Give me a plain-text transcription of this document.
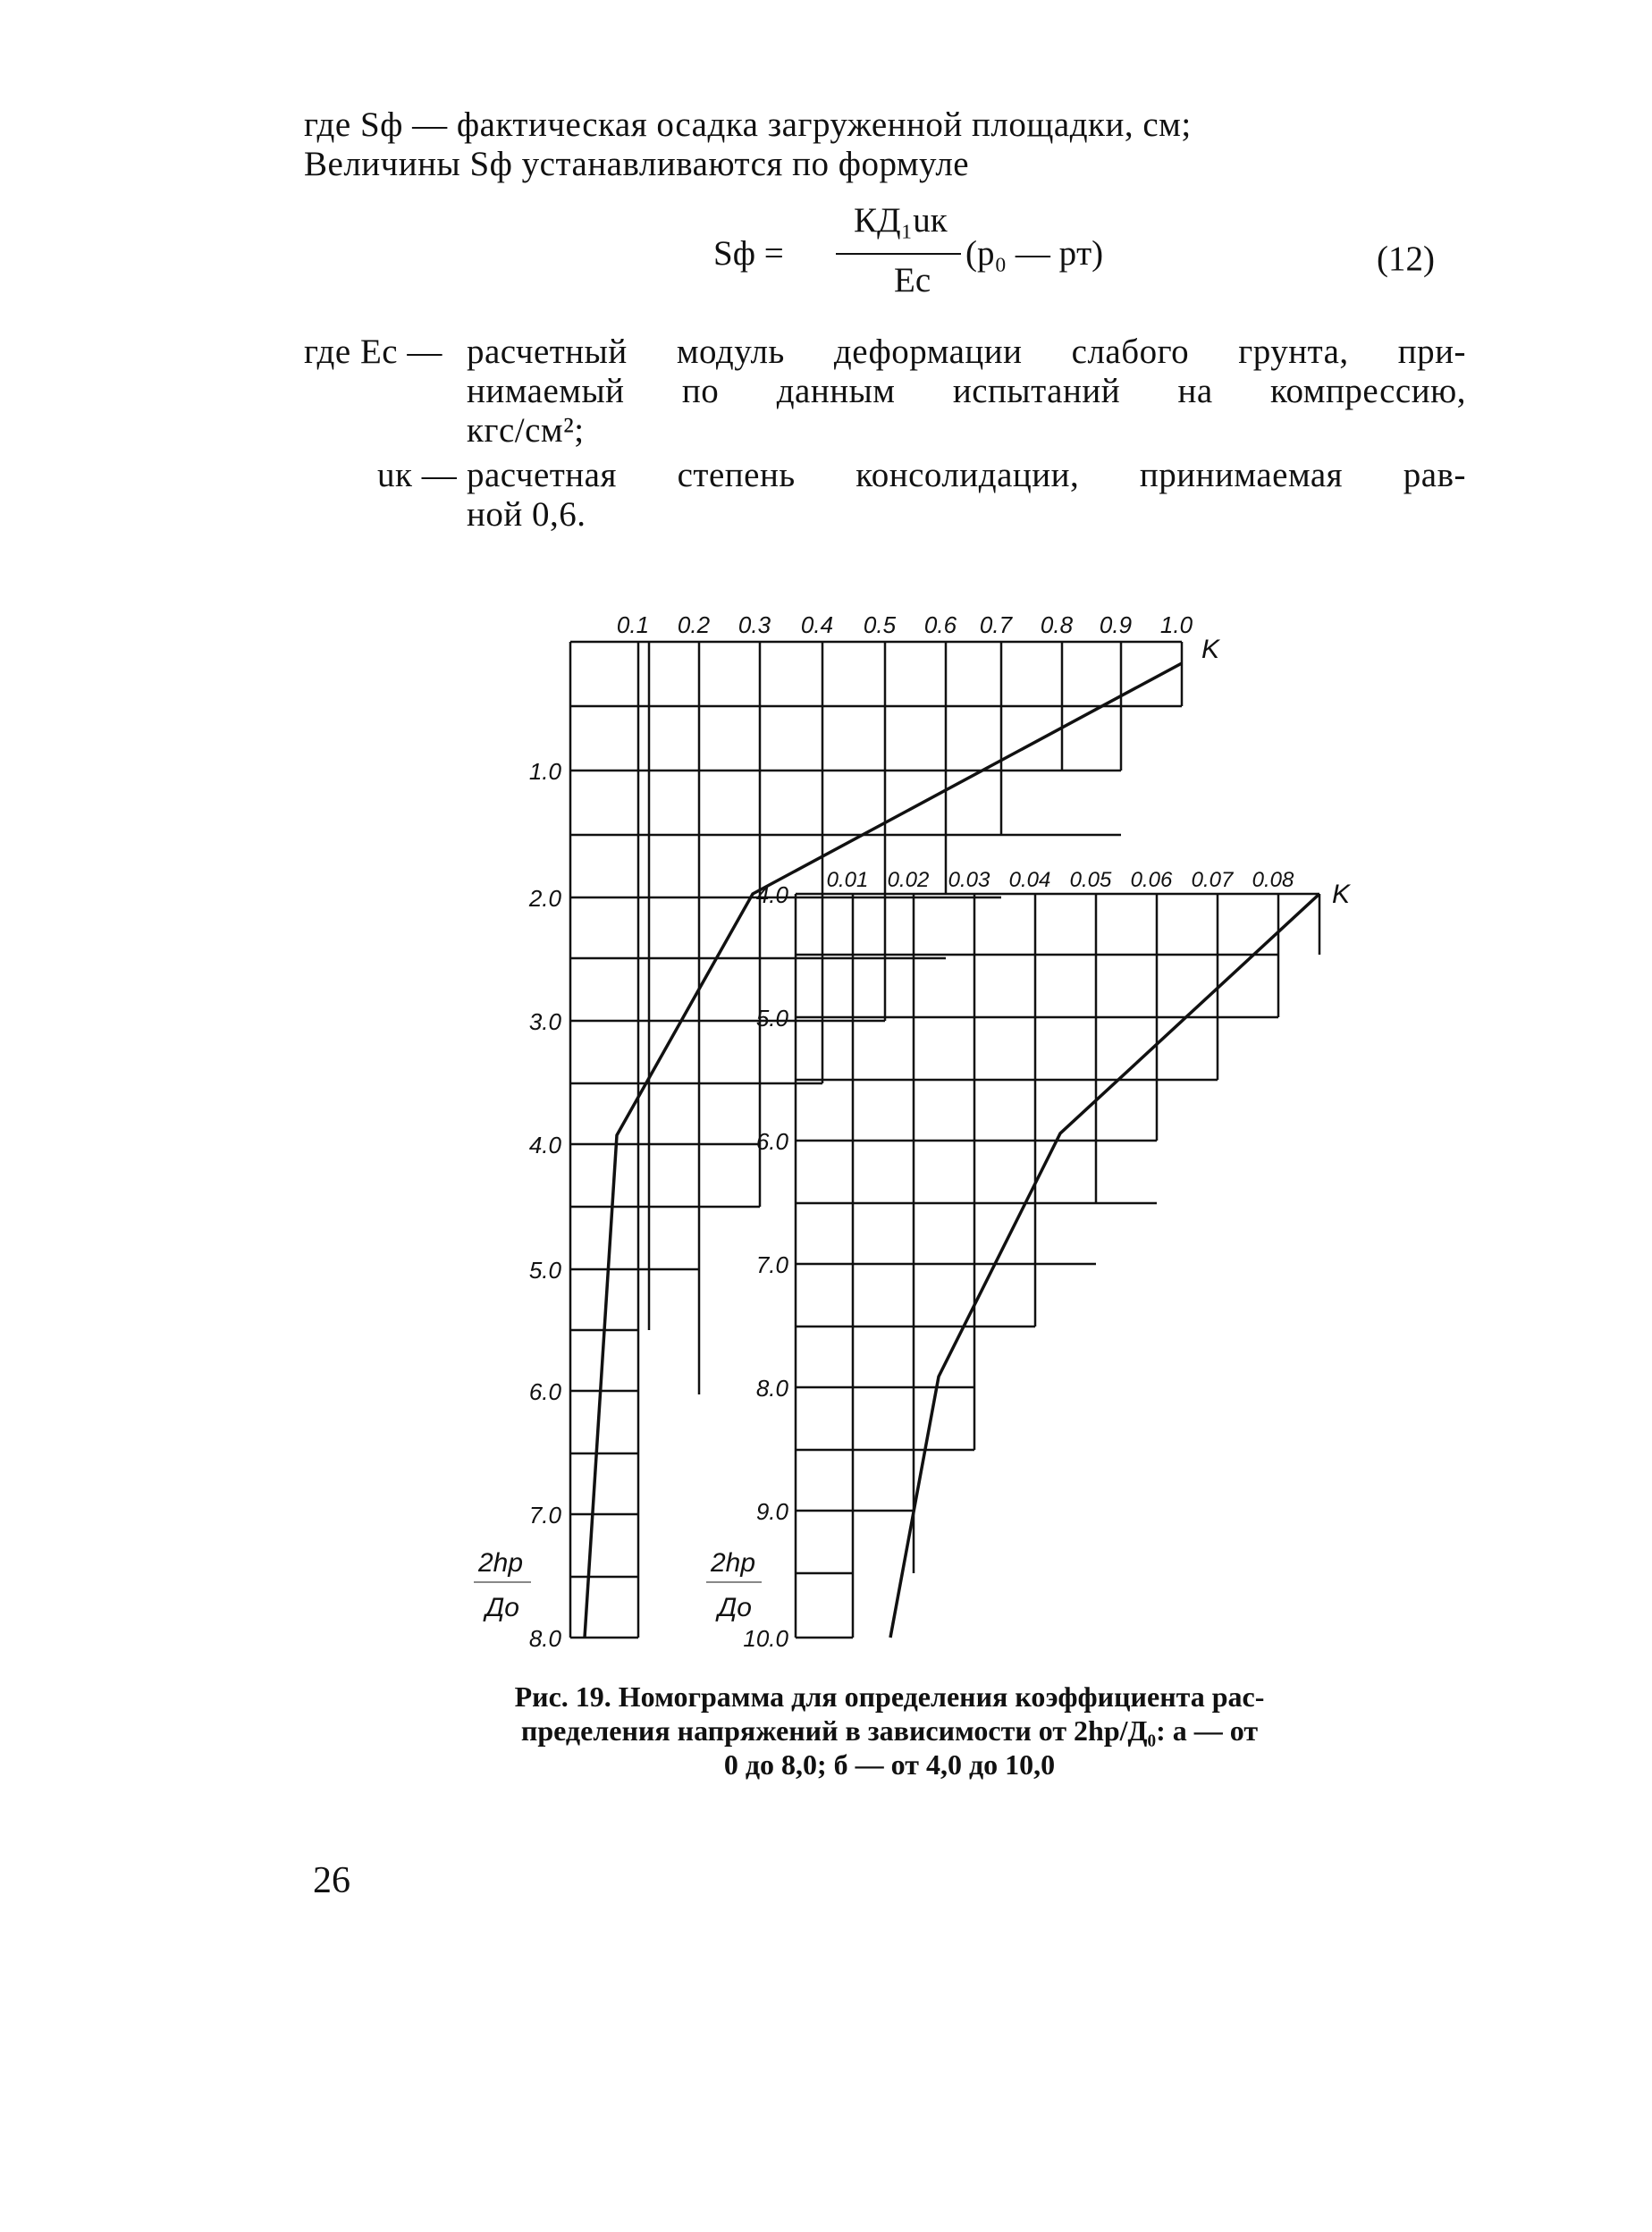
где Sф — фактическая осадка загруженной площадки, см;
Величины Sф устанавливаются по формуле
Sф =
КД₁uк
Eс
(p₀ — pт)	(12)
где Eс — расчетный модуль деформации слабого грунта, при-
нимаемый по данным испытаний на компрессию,
кгс/см²;
uк — расчетная степень консолидации, принимаемая рав-
ной 0,6.
0.1 0.2 0.3 0.4 0.5 0.6 0.7 0.8 0.9 1.0
K
1.0
2.0
3.0
4.0
5.0
6.0
7.0
8.0
2hp
Дo
0.01 0.02 0.03 0.04 0.05 0.06 0.07 0.08 K
4.0
5.0
6.0
7.0
8.0
9.0
10.0
2hp
Дo
Рис. 19. Номограмма для определения коэффициента рас-
пределения напряжений в зависимости от 2hp/Д₀: а — от
0 до 8,0; б — от 4,0 до 10,0
26
